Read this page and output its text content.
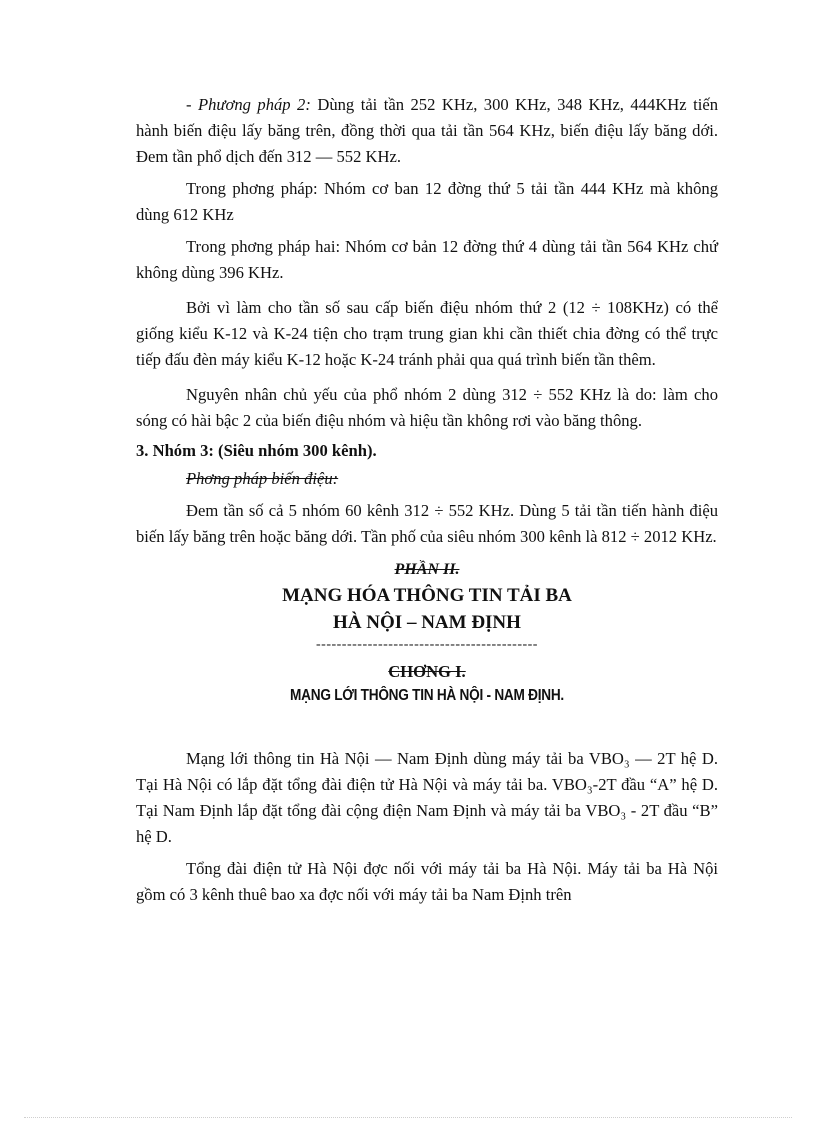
- Phương pháp 2: Dùng tải tần 252 KHz, 300 KHz, 348 KHz, 444KHz tiến hành biến điệu lấy băng trên, đồng thời qua tải tần 564 KHz, biến điệu lấy băng dới. Đem tần phổ dịch đến 312 — 552 KHz.

Trong phơng pháp: Nhóm cơ ban 12 đờng thứ 5 tải tần 444 KHz mà không dùng 612 KHz

Trong phơng pháp hai: Nhóm cơ bản 12 đờng thứ 4 dùng tải tần 564 KHz chứ không dùng 396 KHz.

Bởi vì làm cho tần số sau cấp biến điệu nhóm thứ 2 (12 ÷ 108KHz) có thể giống kiểu K-12 và K-24 tiện cho trạm trung gian khi cần thiết chia đờng có thể trực tiếp đấu đèn máy kiểu K-12 hoặc K-24 tránh phải qua quá trình biến tần thêm.

Nguyên nhân chủ yếu của phổ nhóm 2 dùng 312 ÷ 552 KHz là do: làm cho sóng có hài bậc 2 của biến điệu nhóm và hiệu tần không rơi vào băng thông.

3. Nhóm 3: (Siêu nhóm 300 kênh).

Phơng pháp biến điệu:

Đem tần số cả 5 nhóm 60 kênh 312 ÷ 552 KHz. Dùng 5 tải tần tiến hành điệu biến lấy băng trên hoặc băng dới. Tần phố của siêu nhóm 300 kênh là 812 ÷ 2012 KHz.

PHẦN II.

MẠNG HÓA THÔNG TIN TẢI BA

HÀ NỘI – NAM ĐỊNH

-------------------------------------------

CHƠNG I.

MẠNG LỚI THÔNG TIN HÀ NỘI - NAM ĐỊNH.

Mạng lới thông tin Hà Nội — Nam Định dùng máy tải ba VBO₃ — 2T hệ D. Tại Hà Nội có lắp đặt tổng đài điện tử Hà Nội và máy tải ba. VBO₃-2T đầu “A” hệ D. Tại Nam Định lắp đặt tổng đài cộng điện Nam Định và máy tải ba VBO₃ - 2T đầu “B” hệ D.

Tổng đài điện tử Hà Nội đợc nối với máy tải ba Hà Nội. Máy tải ba Hà Nội gồm có 3 kênh thuê bao xa đợc nối với máy tải ba Nam Định trên
